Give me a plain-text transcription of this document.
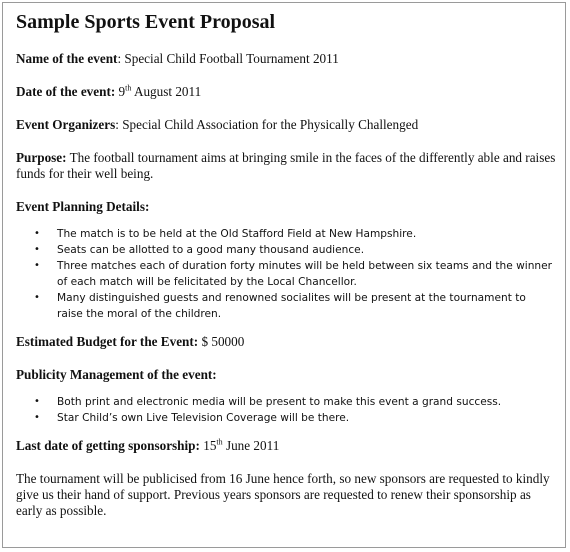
Sample Sports Event Proposal
Name of the event: Special Child Football Tournament 2011
Date of the event: 9th August 2011
Event Organizers: Special Child Association for the Physically Challenged
Purpose: The football tournament aims at bringing smile in the faces of the differently able and raises funds for their well being.
Event Planning Details:
• The match is to be held at the Old Stafford Field at New Hampshire.
• Seats can be allotted to a good many thousand audience.
• Three matches each of duration forty minutes will be held between six teams and the winner of each match will be felicitated by the Local Chancellor.
• Many distinguished guests and renowned socialites will be present at the tournament to raise the moral of the children.
Estimated Budget for the Event: $ 50000
Publicity Management of the event:
• Both print and electronic media will be present to make this event a grand success.
• Star Child’s own Live Television Coverage will be there.
Last date of getting sponsorship: 15th June 2011

The tournament will be publicised from 16 June hence forth, so new sponsors are requested to kindly give us their hand of support. Previous years sponsors are requested to renew their sponsorship as early as possible.
